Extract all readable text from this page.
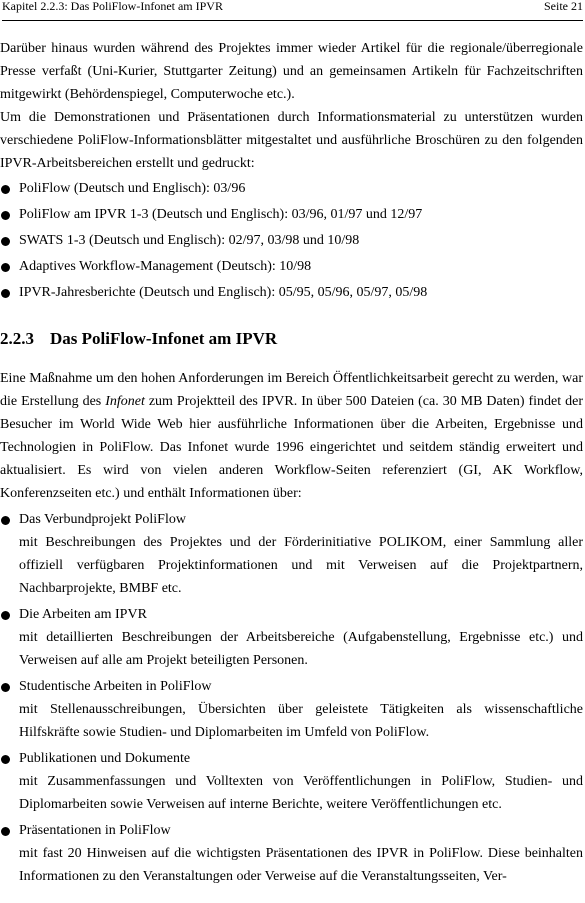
Kapitel 2.2.3: Das PoliFlow-Infonet am IPVR	Seite 21

Darüber hinaus wurden während des Projektes immer wieder Artikel für die regionale/überregionale Presse verfaßt (Uni-Kurier, Stuttgarter Zeitung) und an gemeinsamen Artikeln für Fachzeitschriften mitgewirkt (Behördenspiegel, Computerwoche etc.).

Um die Demonstrationen und Präsentationen durch Informationsmaterial zu unterstützen wurden verschiedene PoliFlow-Informationsblätter mitgestaltet und ausführliche Broschüren zu den folgenden IPVR-Arbeitsbereichen erstellt und gedruckt:

PoliFlow (Deutsch und Englisch): 03/96
PoliFlow am IPVR 1-3 (Deutsch und Englisch): 03/96, 01/97 und 12/97
SWATS 1-3 (Deutsch und Englisch): 02/97, 03/98 und 10/98
Adaptives Workflow-Management (Deutsch): 10/98
IPVR-Jahresberichte (Deutsch und Englisch): 05/95, 05/96, 05/97, 05/98
2.2.3 Das PoliFlow-Infonet am IPVR

Eine Maßnahme um den hohen Anforderungen im Bereich Öffentlichkeitsarbeit gerecht zu werden, war die Erstellung des Infonet zum Projektteil des IPVR. In über 500 Dateien (ca. 30 MB Daten) findet der Besucher im World Wide Web hier ausführliche Informationen über die Arbeiten, Ergebnisse und Technologien in PoliFlow. Das Infonet wurde 1996 eingerichtet und seitdem ständig erweitert und aktualisiert. Es wird von vielen anderen Workflow-Seiten referenziert (GI, AK Workflow, Konferenzseiten etc.) und enthält Informationen über:

Das Verbundprojekt PoliFlow
mit Beschreibungen des Projektes und der Förderinitiative POLIKOM, einer Sammlung aller offiziell verfügbaren Projektinformationen und mit Verweisen auf die Projektpartnern, Nachbarprojekte, BMBF etc.
Die Arbeiten am IPVR
mit detaillierten Beschreibungen der Arbeitsbereiche (Aufgabenstellung, Ergebnisse etc.) und Verweisen auf alle am Projekt beteiligten Personen.
Studentische Arbeiten in PoliFlow
mit Stellenausschreibungen, Übersichten über geleistete Tätigkeiten als wissenschaftliche Hilfskräfte sowie Studien- und Diplomarbeiten im Umfeld von PoliFlow.
Publikationen und Dokumente
mit Zusammenfassungen und Volltexten von Veröffentlichungen in PoliFlow, Studien- und Diplomarbeiten sowie Verweisen auf interne Berichte, weitere Veröffentlichungen etc.
Präsentationen in PoliFlow
mit fast 20 Hinweisen auf die wichtigsten Präsentationen des IPVR in PoliFlow. Diese beinhalten Informationen zu den Veranstaltungen oder Verweise auf die Veranstaltungsseiten, Ver-
